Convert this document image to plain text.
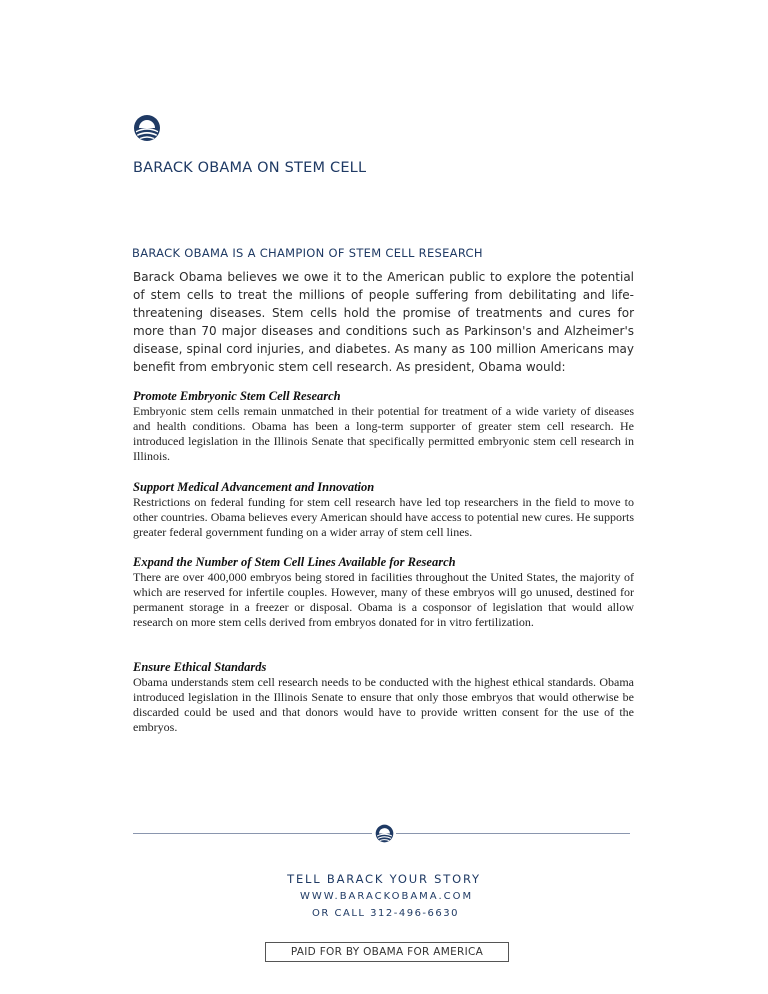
BARACK OBAMA ON STEM CELL
BARACK OBAMA IS A CHAMPION OF STEM CELL RESEARCH

Barack Obama believes we owe it to the American public to explore the potential of stem cells to treat the millions of people suffering from debilitating and life-threatening diseases. Stem cells hold the promise of treatments and cures for more than 70 major diseases and conditions such as Parkinson's and Alzheimer's disease, spinal cord injuries, and diabetes. As many as 100 million Americans may benefit from embryonic stem cell research. As president, Obama would:

Promote Embryonic Stem Cell Research

Embryonic stem cells remain unmatched in their potential for treatment of a wide variety of diseases and health conditions. Obama has been a long-term supporter of greater stem cell research. He introduced legislation in the Illinois Senate that specifically permitted embryonic stem cell research in Illinois.

Support Medical Advancement and Innovation

Restrictions on federal funding for stem cell research have led top researchers in the field to move to other countries. Obama believes every American should have access to potential new cures. He supports greater federal government funding on a wider array of stem cell lines.

Expand the Number of Stem Cell Lines Available for Research

There are over 400,000 embryos being stored in facilities throughout the United States, the majority of which are reserved for infertile couples. However, many of these embryos will go unused, destined for permanent storage in a freezer or disposal. Obama is a cosponsor of legislation that would allow research on more stem cells derived from embryos donated for in vitro fertilization.

Ensure Ethical Standards

Obama understands stem cell research needs to be conducted with the highest ethical standards. Obama introduced legislation in the Illinois Senate to ensure that only those embryos that would otherwise be discarded could be used and that donors would have to provide written consent for the use of the embryos.

TELL BARACK YOUR STORY
WWW.BARACKOBAMA.COM
OR CALL 312-496-6630
PAID FOR BY OBAMA FOR AMERICA
